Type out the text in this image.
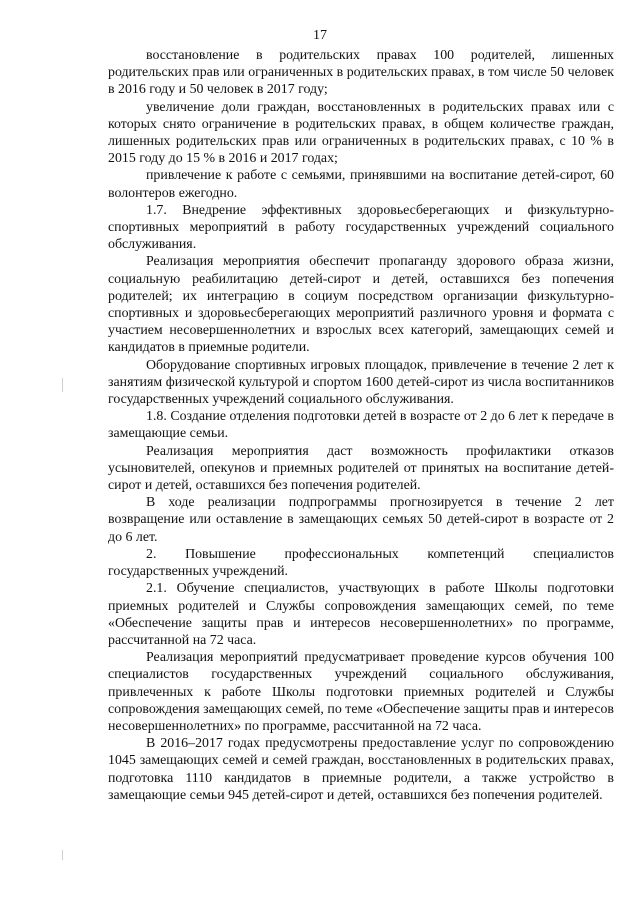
17

восстановление в родительских правах 100 родителей, лишенных родительских прав или ограниченных в родительских правах, в том числе 50 человек в 2016 году и 50 человек в 2017 году;

увеличение доли граждан, восстановленных в родительских правах или с которых снято ограничение в родительских правах, в общем количестве граждан, лишенных родительских прав или ограниченных в родительских правах, с 10 % в 2015 году до 15 % в 2016 и 2017 годах;

привлечение к работе с семьями, принявшими на воспитание детей-сирот, 60 волонтеров ежегодно.

1.7. Внедрение эффективных здоровьесберегающих и физкультурно-спортивных мероприятий в работу государственных учреждений социального обслуживания.

Реализация мероприятия обеспечит пропаганду здорового образа жизни, социальную реабилитацию детей-сирот и детей, оставшихся без попечения родителей; их интеграцию в социум посредством организации физкультурно-спортивных и здоровьесберегающих мероприятий различного уровня и формата с участием несовершеннолетних и взрослых всех категорий, замещающих семей и кандидатов в приемные родители.

Оборудование спортивных игровых площадок, привлечение в течение 2 лет к занятиям физической культурой и спортом 1600 детей-сирот из числа воспитанников государственных учреждений социального обслуживания.

1.8. Создание отделения подготовки детей в возрасте от 2 до 6 лет к передаче в замещающие семьи.

Реализация мероприятия даст возможность профилактики отказов усыновителей, опекунов и приемных родителей от принятых на воспитание детей-сирот и детей, оставшихся без попечения родителей.

В ходе реализации подпрограммы прогнозируется в течение 2 лет возвращение или оставление в замещающих семьях 50 детей-сирот в возрасте от 2 до 6 лет.

2. Повышение профессиональных компетенций специалистов государственных учреждений.

2.1. Обучение специалистов, участвующих в работе Школы подготовки приемных родителей и Службы сопровождения замещающих семей, по теме «Обеспечение защиты прав и интересов несовершеннолетних» по программе, рассчитанной на 72 часа.

Реализация мероприятий предусматривает проведение курсов обучения 100 специалистов государственных учреждений социального обслуживания, привлеченных к работе Школы подготовки приемных родителей и Службы сопровождения замещающих семей, по теме «Обеспечение защиты прав и интересов несовершеннолетних» по программе, рассчитанной на 72 часа.

В 2016–2017 годах предусмотрены предоставление услуг по сопровождению 1045 замещающих семей и семей граждан, восстановленных в родительских правах, подготовка 1110 кандидатов в приемные родители, а также устройство в замещающие семьи 945 детей-сирот и детей, оставшихся без попечения родителей.
